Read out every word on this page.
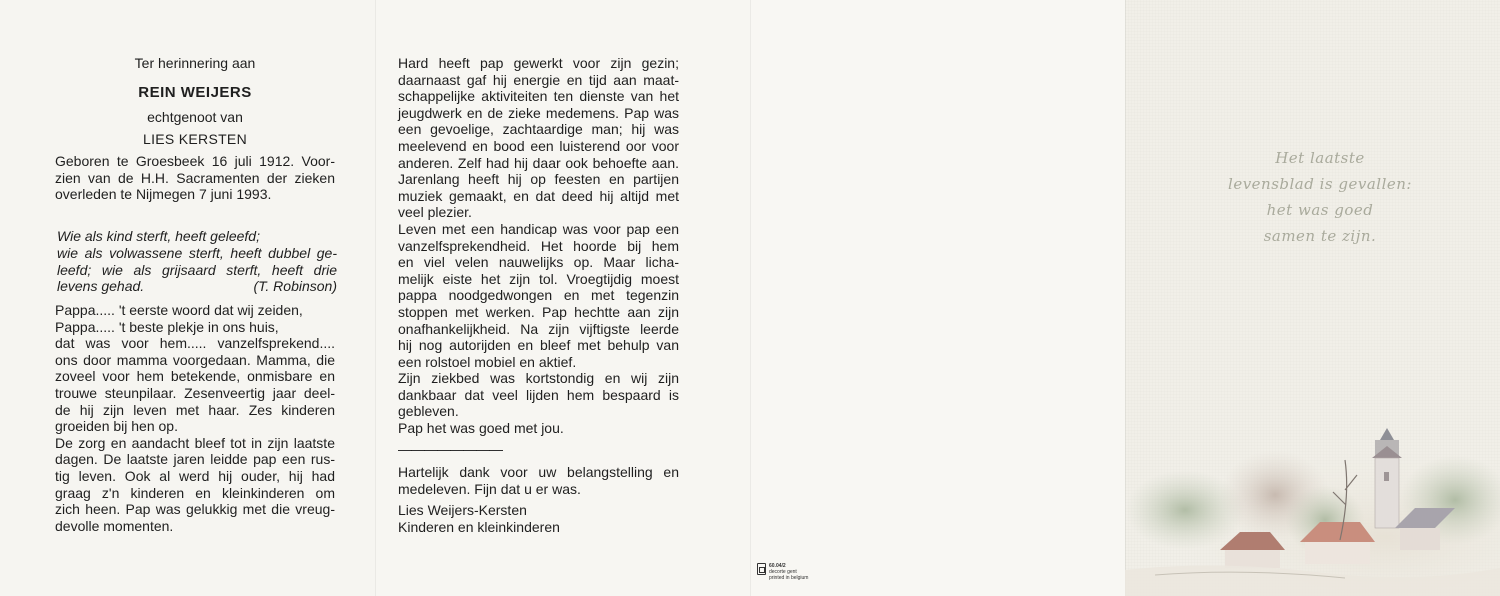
Ter herinnering aan
REIN WEIJERS
echtgenoot van
LIES KERSTEN
Geboren te Groesbeek 16 juli 1912. Voor-
zien van de H.H. Sacramenten der zieken
overleden te Nijmegen 7 juni 1993.
Wie als kind sterft, heeft geleefd;
wie als volwassene sterft, heeft dubbel ge-
leefd; wie als grijsaard sterft, heeft drie
levens gehad.	(T. Robinson)
Pappa..... 't eerste woord dat wij zeiden,
Pappa..... 't beste plekje in ons huis,
dat was voor hem..... vanzelfsprekend....
ons door mamma voorgedaan. Mamma, die
zoveel voor hem betekende, onmisbare en
trouwe steunpilaar. Zesenveertig jaar deel-
de hij zijn leven met haar. Zes kinderen
groeiden bij hen op.
De zorg en aandacht bleef tot in zijn laatste
dagen. De laatste jaren leidde pap een rus-
tig leven. Ook al werd hij ouder, hij had
graag z'n kinderen en kleinkinderen om
zich heen. Pap was gelukkig met die vreug-
devolle momenten.
Hard heeft pap gewerkt voor zijn gezin;
daarnaast gaf hij energie en tijd aan maat-
schappelijke aktiviteiten ten dienste van het
jeugdwerk en de zieke medemens. Pap was
een gevoelige, zachtaardige man; hij was
meelevend en bood een luisterend oor voor
anderen. Zelf had hij daar ook behoefte aan.
Jarenlang heeft hij op feesten en partijen
muziek gemaakt, en dat deed hij altijd met
veel plezier.
Leven met een handicap was voor pap een
vanzelfsprekendheid. Het hoorde bij hem
en viel velen nauwelijks op. Maar licha-
melijk eiste het zijn tol. Vroegtijdig moest
pappa noodgedwongen en met tegenzin
stoppen met werken. Pap hechtte aan zijn
onafhankelijkheid. Na zijn vijftigste leerde
hij nog autorijden en bleef met behulp van
een rolstoel mobiel en aktief.
Zijn ziekbed was kortstondig en wij zijn
dankbaar dat veel lijden hem bespaard is
gebleven.
Pap het was goed met jou.
————————
Hartelijk dank voor uw belangstelling en
medeleven. Fijn dat u er was.
Lies Weijers-Kersten
Kinderen en kleinkinderen
60.04/2
decorte gent
printed in belgium
Het laatste
levensblad is gevallen:
het was goed
samen te zijn.
